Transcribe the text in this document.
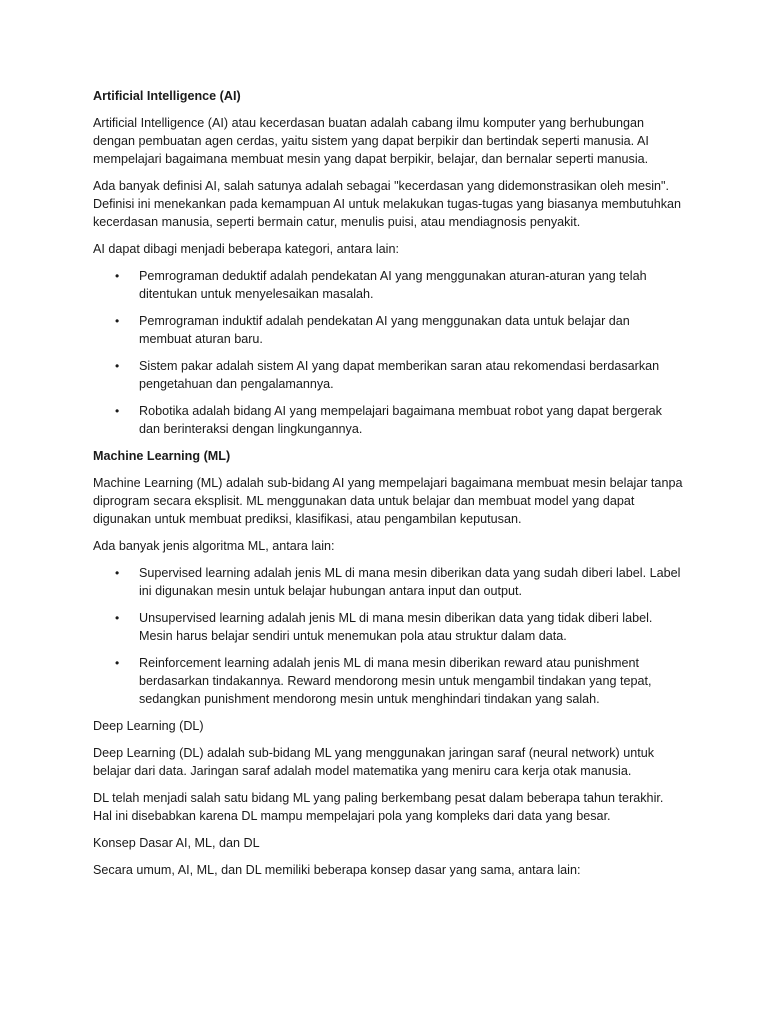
Artificial Intelligence (AI)

Artificial Intelligence (AI) atau kecerdasan buatan adalah cabang ilmu komputer yang berhubungan dengan pembuatan agen cerdas, yaitu sistem yang dapat berpikir dan bertindak seperti manusia. AI mempelajari bagaimana membuat mesin yang dapat berpikir, belajar, dan bernalar seperti manusia.

Ada banyak definisi AI, salah satunya adalah sebagai "kecerdasan yang didemonstrasikan oleh mesin". Definisi ini menekankan pada kemampuan AI untuk melakukan tugas-tugas yang biasanya membutuhkan kecerdasan manusia, seperti bermain catur, menulis puisi, atau mendiagnosis penyakit.

AI dapat dibagi menjadi beberapa kategori, antara lain:

• Pemrograman deduktif adalah pendekatan AI yang menggunakan aturan-aturan yang telah ditentukan untuk menyelesaikan masalah.
• Pemrograman induktif adalah pendekatan AI yang menggunakan data untuk belajar dan membuat aturan baru.
• Sistem pakar adalah sistem AI yang dapat memberikan saran atau rekomendasi berdasarkan pengetahuan dan pengalamannya.
• Robotika adalah bidang AI yang mempelajari bagaimana membuat robot yang dapat bergerak dan berinteraksi dengan lingkungannya.
Machine Learning (ML)

Machine Learning (ML) adalah sub-bidang AI yang mempelajari bagaimana membuat mesin belajar tanpa diprogram secara eksplisit. ML menggunakan data untuk belajar dan membuat model yang dapat digunakan untuk membuat prediksi, klasifikasi, atau pengambilan keputusan.

Ada banyak jenis algoritma ML, antara lain:

• Supervised learning adalah jenis ML di mana mesin diberikan data yang sudah diberi label. Label ini digunakan mesin untuk belajar hubungan antara input dan output.
• Unsupervised learning adalah jenis ML di mana mesin diberikan data yang tidak diberi label. Mesin harus belajar sendiri untuk menemukan pola atau struktur dalam data.
• Reinforcement learning adalah jenis ML di mana mesin diberikan reward atau punishment berdasarkan tindakannya. Reward mendorong mesin untuk mengambil tindakan yang tepat, sedangkan punishment mendorong mesin untuk menghindari tindakan yang salah.
Deep Learning (DL)

Deep Learning (DL) adalah sub-bidang ML yang menggunakan jaringan saraf (neural network) untuk belajar dari data. Jaringan saraf adalah model matematika yang meniru cara kerja otak manusia.

DL telah menjadi salah satu bidang ML yang paling berkembang pesat dalam beberapa tahun terakhir. Hal ini disebabkan karena DL mampu mempelajari pola yang kompleks dari data yang besar.

Konsep Dasar AI, ML, dan DL

Secara umum, AI, ML, dan DL memiliki beberapa konsep dasar yang sama, antara lain:
